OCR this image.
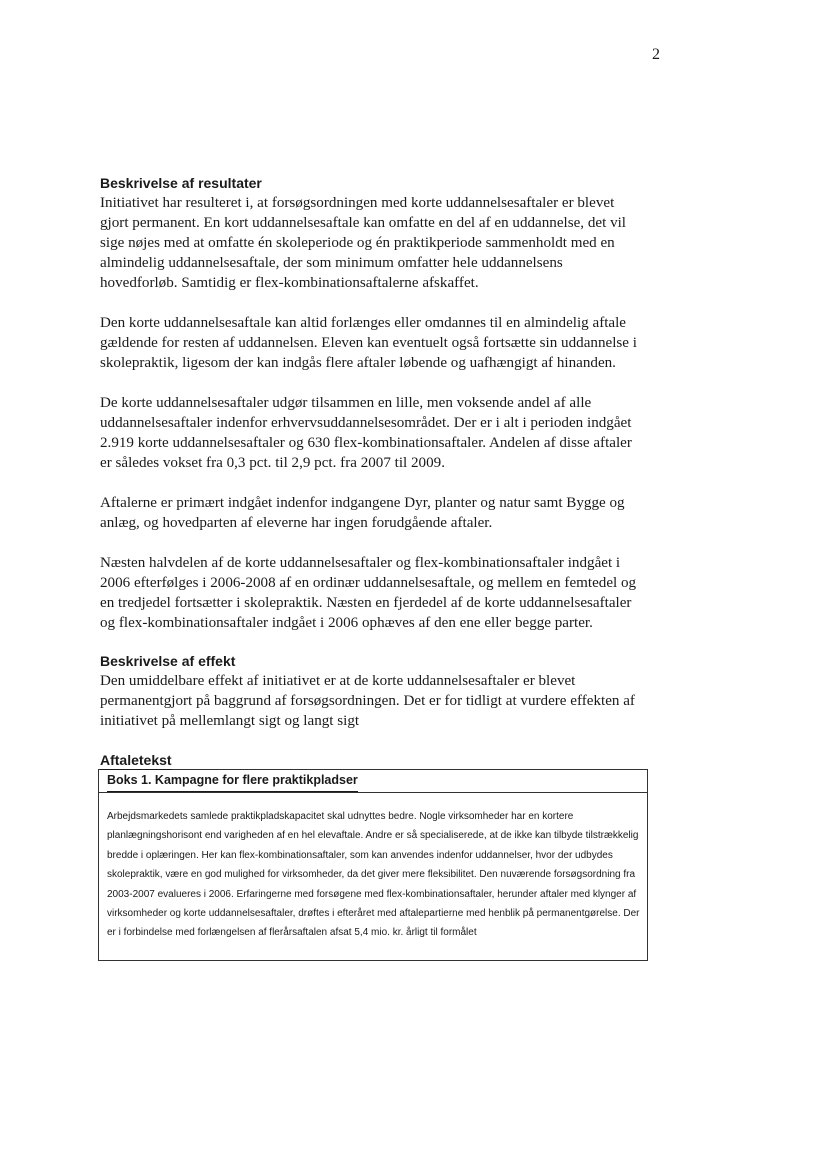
2
Beskrivelse af resultater

Initiativet har resulteret i, at forsøgsordningen med korte uddannelsesaftaler er blevet gjort permanent. En kort uddannelsesaftale kan omfatte en del af en uddannelse, det vil sige nøjes med at omfatte én skoleperiode og én praktikperiode sammenholdt med en almindelig uddannelsesaftale, der som minimum omfatter hele uddannelsens hovedforløb. Samtidig er flex-kombinationsaftalerne afskaffet.

Den korte uddannelsesaftale kan altid forlænges eller omdannes til en almindelig aftale gældende for resten af uddannelsen. Eleven kan eventuelt også fortsætte sin uddannelse i skolepraktik, ligesom der kan indgås flere aftaler løbende og uafhængigt af hinanden.

De korte uddannelsesaftaler udgør tilsammen en lille, men voksende andel af alle uddannelsesaftaler indenfor erhvervsuddannelsesområdet. Der er i alt i perioden indgået 2.919 korte uddannelsesaftaler og 630 flex-kombinationsaftaler. Andelen af disse aftaler er således vokset fra 0,3 pct. til 2,9 pct. fra 2007 til 2009.

Aftalerne er primært indgået indenfor indgangene Dyr, planter og natur samt Bygge og anlæg, og hovedparten af eleverne har ingen forudgående aftaler.

Næsten halvdelen af de korte uddannelsesaftaler og flex-kombinationsaftaler indgået i 2006 efterfølges i 2006-2008 af en ordinær uddannelsesaftale, og mellem en femtedel og en tredjedel fortsætter i skolepraktik. Næsten en fjerdedel af de korte uddannelsesaftaler og flex-kombinationsaftaler indgået i 2006 ophæves af den ene eller begge parter.

Beskrivelse af effekt

Den umiddelbare effekt af initiativet er at de korte uddannelsesaftaler er blevet permanentgjort på baggrund af forsøgsordningen. Det er for tidligt at vurdere effekten af initiativet på mellemlangt sigt og langt sigt

Aftaletekst
Boks 1. Kampagne for flere praktikpladser
Arbejdsmarkedets samlede praktikpladskapacitet skal udnyttes bedre. Nogle virksomheder har en kortere planlægningshorisont end varigheden af en hel elevaftale. Andre er så specialiserede, at de ikke kan tilbyde tilstrækkelig bredde i oplæringen. Her kan flex-kombinationsaftaler, som kan anvendes indenfor uddannelser, hvor der udbydes skolepraktik, være en god mulighed for virksomheder, da det giver mere fleksibilitet. Den nuværende forsøgsordning fra 2003-2007 evalueres i 2006. Erfaringerne med forsøgene med flex-kombinationsaftaler, herunder aftaler med klynger af virksomheder og korte uddannelsesaftaler, drøftes i efteråret med aftalepartierne med henblik på permanentgørelse. Der er i forbindelse med forlængelsen af flerårsaftalen afsat 5,4 mio. kr. årligt til formålet
